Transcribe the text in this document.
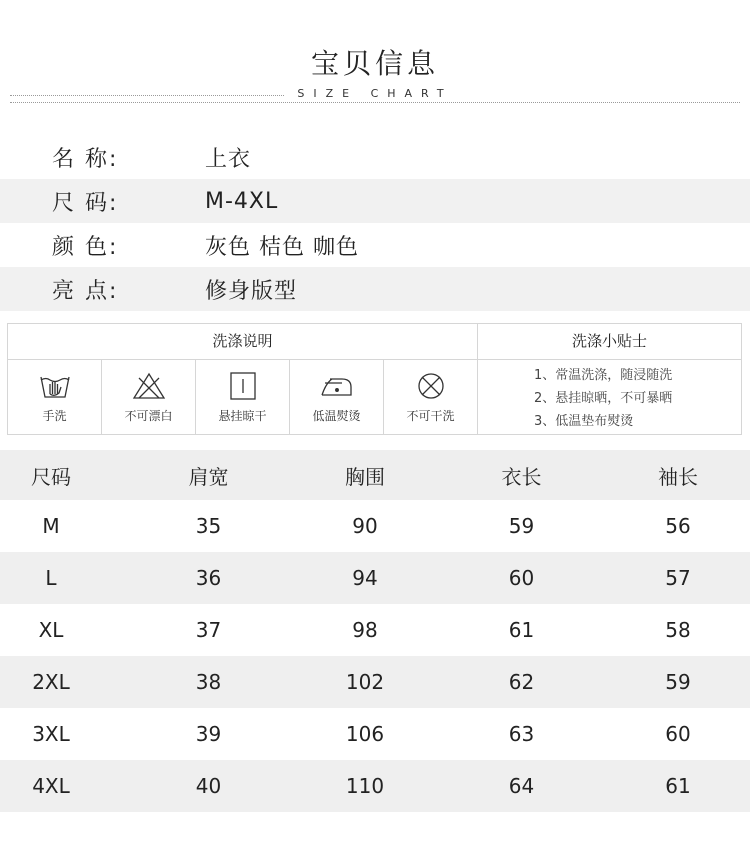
宝贝信息
SIZE CHART
名 称:	上衣
尺 码:	M-4XL
颜 色:	灰色 桔色 咖色
亮 点:	修身版型
洗涤说明
手洗	不可漂白	悬挂晾干	低温熨烫	不可干洗
洗涤小贴士
1、常温洗涤，随浸随洗
2、悬挂晾晒，不可暴晒
3、低温垫布熨烫
尺码	肩宽	胸围	衣长	袖长
M	35	90	59	56
L	36	94	60	57
XL	37	98	61	58
2XL	38	102	62	59
3XL	39	106	63	60
4XL	40	110	64	61
